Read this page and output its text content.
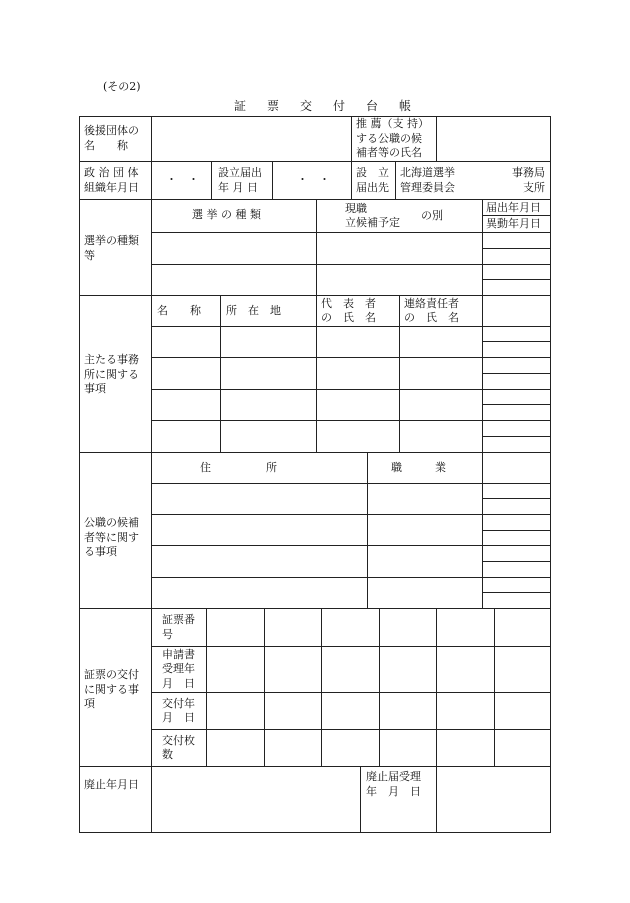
(その2)
証票交付台帳
後援団体の
名　　称
推 薦（支 持）
する公職の候
補者等の氏名
政 治 団 体
組織年月日
・　・
設立届出
年 月 日
・　・
設　立
届出先
北海道選挙
管理委員会
事務局
支所
選挙の種類
等
選 挙 の 種 類	現職
立候補予定
の別
届出年月日
異動年月日
主たる事務
所に関する
事項
名　　称 所　在　地
代　表　者
の　氏　名
連絡責任者
の　氏　名
公職の候補
者等に関す
る事項
住　　　　　所	職　　　業
証票の交付
に関する事
項
証票番
号
申請書
受理年
月　日
交付年
月　日
交付枚
数
廃止年月日
廃止届受理
年　月　日
